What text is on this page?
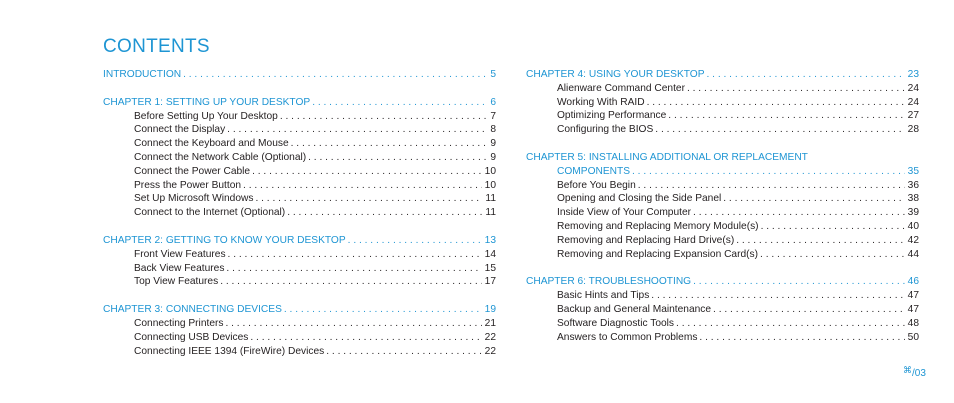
CONTENTS
INTRODUCTION . . .	5
CHAPTER 1: SETTING UP YOUR DESKTOP . . .	6
Before Setting Up Your Desktop . . .	7
Connect the Display . . .	8
Connect the Keyboard and Mouse . . .	9
Connect the Network Cable (Optional) . . .	9
Connect the Power Cable . . .	10
Press the Power Button . . .	10
Set Up Microsoft Windows . . .	11
Connect to the Internet (Optional) . . .	11
CHAPTER 2: GETTING TO KNOW YOUR DESKTOP . . .	13
Front View Features . . .	14
Back View Features . . .	15
Top View Features . . .	17
CHAPTER 3: CONNECTING DEVICES . . .	19
Connecting Printers . . .	21
Connecting USB Devices . . .	22
Connecting IEEE 1394 (FireWire) Devices . . .	22
CHAPTER 4: USING YOUR DESKTOP . . .	23
Alienware Command Center . . .	24
Working With RAID . . .	24
Optimizing Performance . . .	27
Configuring the BIOS . . .	28
CHAPTER 5: INSTALLING ADDITIONAL OR REPLACEMENT
COMPONENTS . . .	35
Before You Begin . . .	36
Opening and Closing the Side Panel . . .	38
Inside View of Your Computer . . .	39
Removing and Replacing Memory Module(s) . . .	40
Removing and Replacing Hard Drive(s) . . .	42
Removing and Replacing Expansion Card(s) . . .	44
CHAPTER 6: TROUBLESHOOTING . . .	46
Basic Hints and Tips . . .	47
Backup and General Maintenance . . .	47
Software Diagnostic Tools . . .	48
Answers to Common Problems . . .	50
⌘/03
